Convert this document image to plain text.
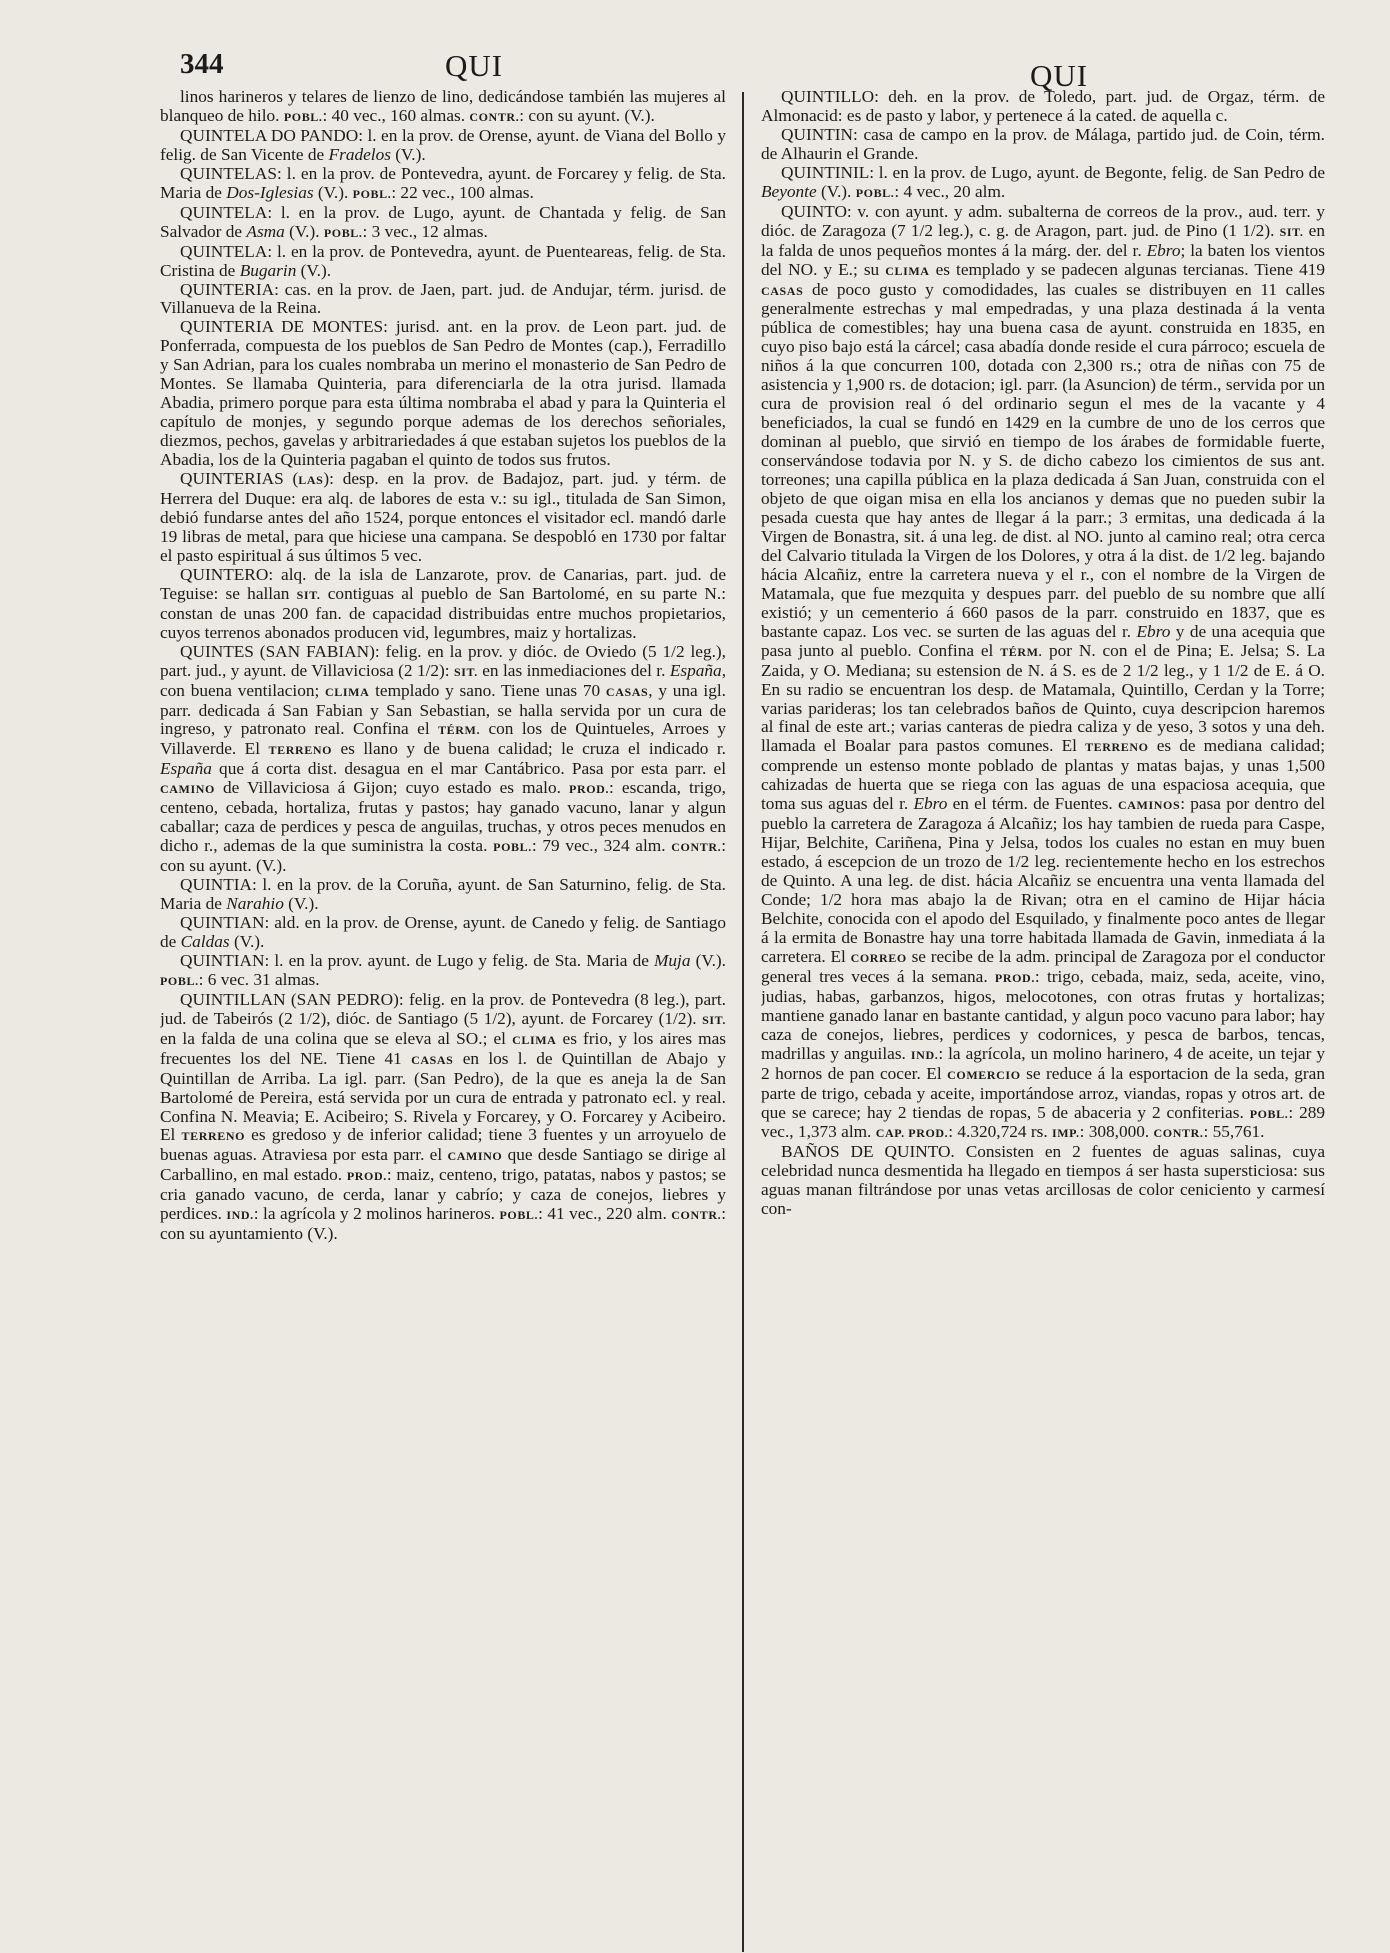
344	QUI	QUI

linos harineros y telares de lienzo de lino, dedicándose también las mujeres al blanqueo de hilo. POBL.: 40 vec., 160 almas. CONTR.: con su ayunt. (V.).

QUINTELA DO PANDO: l. en la prov. de Orense, ayunt. de Viana del Bollo y felig. de San Vicente de Fradelos (V.).

QUINTELAS: l. en la prov. de Pontevedra, ayunt. de Forcarey y felig. de Sta. Maria de Dos-Iglesias (V.). POBL.: 22 vec., 100 almas.

QUINTELA: l. en la prov. de Lugo, ayunt. de Chantada y felig. de San Salvador de Asma (V.). POBL.: 3 vec., 12 almas.

QUINTELA: l. en la prov. de Pontevedra, ayunt. de Puenteareas, felig. de Sta. Cristina de Bugarin (V.).

QUINTERIA: cas. en la prov. de Jaen, part. jud. de Andujar, térm. jurisd. de Villanueva de la Reina.

QUINTERIA DE MONTES: jurisd. ant. en la prov. de Leon part. jud. de Ponferrada, compuesta de los pueblos de San Pedro de Montes (cap.), Ferradillo y San Adrian, para los cuales nombraba un merino el monasterio de San Pedro de Montes. Se llamaba Quinteria, para diferenciarla de la otra jurisd. llamada Abadia, primero porque para esta última nombraba el abad y para la Quinteria el capítulo de monjes, y segundo porque ademas de los derechos señoriales, diezmos, pechos, gavelas y arbitrariedades á que estaban sujetos los pueblos de la Abadia, los de la Quinteria pagaban el quinto de todos sus frutos.

QUINTERIAS (LAS): desp. en la prov. de Badajoz, part. jud. y térm. de Herrera del Duque: era alq. de labores de esta v.: su igl., titulada de San Simon, debió fundarse antes del año 1524, porque entonces el visitador ecl. mandó darle 19 libras de metal, para que hiciese una campana. Se despobló en 1730 por faltar el pasto espiritual á sus últimos 5 vec.

QUINTERO: alq. de la isla de Lanzarote, prov. de Canarias, part. jud. de Teguise: se hallan SIT. contiguas al pueblo de San Bartolomé, en su parte N.: constan de unas 200 fan. de capacidad distribuidas entre muchos propietarios, cuyos terrenos abonados producen vid, legumbres, maiz y hortalizas.

QUINTES (SAN FABIAN): felig. en la prov. y dióc. de Oviedo (5 1/2 leg.), part. jud., y ayunt. de Villaviciosa (2 1/2): SIT. en las inmediaciones del r. España, con buena ventilacion; CLIMA templado y sano. Tiene unas 70 CASAS, y una igl. parr. dedicada á San Fabian y San Sebastian, se halla servida por un cura de ingreso, y patronato real. Confina el TÉRM. con los de Quintueles, Arroes y Villaverde. El TERRENO es llano y de buena calidad; le cruza el indicado r. España que á corta dist. desagua en el mar Cantábrico. Pasa por esta parr. el CAMINO de Villaviciosa á Gijon; cuyo estado es malo. PROD.: escanda, trigo, centeno, cebada, hortaliza, frutas y pastos; hay ganado vacuno, lanar y algun caballar; caza de perdices y pesca de anguilas, truchas, y otros peces menudos en dicho r., ademas de la que suministra la costa. POBL.: 79 vec., 324 alm. CONTR.: con su ayunt. (V.).

QUINTIA: l. en la prov. de la Coruña, ayunt. de San Saturnino, felig. de Sta. Maria de Narahio (V.).

QUINTIAN: ald. en la prov. de Orense, ayunt. de Canedo y felig. de Santiago de Caldas (V.).

QUINTIAN: l. en la prov. ayunt. de Lugo y felig. de Sta. Maria de Muja (V.). POBL.: 6 vec. 31 almas.

QUINTILLAN (SAN PEDRO): felig. en la prov. de Pontevedra (8 leg.), part. jud. de Tabeirós (2 1/2), dióc. de Santiago (5 1/2), ayunt. de Forcarey (1/2). SIT. en la falda de una colina que se eleva al SO.; el CLIMA es frio, y los aires mas frecuentes los del NE. Tiene 41 CASAS en los l. de Quintillan de Abajo y Quintillan de Arriba. La igl. parr. (San Pedro), de la que es aneja la de San Bartolomé de Pereira, está servida por un cura de entrada y patronato ecl. y real. Confina N. Meavia; E. Acibeiro; S. Rivela y Forcarey, y O. Forcarey y Acibeiro. El TERRENO es gredoso y de inferior calidad; tiene 3 fuentes y un arroyuelo de buenas aguas. Atraviesa por esta parr. el CAMINO que desde Santiago se dirige al Carballino, en mal estado. PROD.: maiz, centeno, trigo, patatas, nabos y pastos; se cria ganado vacuno, de cerda, lanar y cabrío; y caza de conejos, liebres y perdices. IND.: la agrícola y 2 molinos harineros. POBL.: 41 vec., 220 alm. CONTR.: con su ayuntamiento (V.).

QUINTILLO: deh. en la prov. de Toledo, part. jud. de Orgaz, térm. de Almonacid: es de pasto y labor, y pertenece á la cated. de aquella c.

QUINTIN: casa de campo en la prov. de Málaga, partido jud. de Coin, térm. de Alhaurin el Grande.

QUINTINIL: l. en la prov. de Lugo, ayunt. de Begonte, felig. de San Pedro de Beyonte (V.). POBL.: 4 vec., 20 alm.

QUINTO: v. con ayunt. y adm. subalterna de correos de la prov., aud. terr. y dióc. de Zaragoza (7 1/2 leg.), c. g. de Aragon, part. jud. de Pino (1 1/2). SIT. en la falda de unos pequeños montes á la márg. der. del r. Ebro; la baten los vientos del NO. y E.; su CLIMA es templado y se padecen algunas tercianas. Tiene 419 CASAS de poco gusto y comodidades, las cuales se distribuyen en 11 calles generalmente estrechas y mal empedradas, y una plaza destinada á la venta pública de comestibles; hay una buena casa de ayunt. construida en 1835, en cuyo piso bajo está la cárcel; casa abadía donde reside el cura párroco; escuela de niños á la que concurren 100, dotada con 2,300 rs.; otra de niñas con 75 de asistencia y 1,900 rs. de dotacion; igl. parr. (la Asuncion) de térm., servida por un cura de provision real ó del ordinario segun el mes de la vacante y 4 beneficiados, la cual se fundó en 1429 en la cumbre de uno de los cerros que dominan al pueblo, que sirvió en tiempo de los árabes de formidable fuerte, conservándose todavia por N. y S. de dicho cabezo los cimientos de sus ant. torreones; una capilla pública en la plaza dedicada á San Juan, construida con el objeto de que oigan misa en ella los ancianos y demas que no pueden subir la pesada cuesta que hay antes de llegar á la parr.; 3 ermitas, una dedicada á la Virgen de Bonastra, sit. á una leg. de dist. al NO. junto al camino real; otra cerca del Calvario titulada la Virgen de los Dolores, y otra á la dist. de 1/2 leg. bajando hácia Alcañiz, entre la carretera nueva y el r., con el nombre de la Virgen de Matamala, que fue mezquita y despues parr. del pueblo de su nombre que allí existió; y un cementerio á 660 pasos de la parr. construido en 1837, que es bastante capaz. Los vec. se surten de las aguas del r. Ebro y de una acequia que pasa junto al pueblo. Confina el TÉRM. por N. con el de Pina; E. Jelsa; S. La Zaida, y O. Mediana; su estension de N. á S. es de 2 1/2 leg., y 1 1/2 de E. á O. En su radio se encuentran los desp. de Matamala, Quintillo, Cerdan y la Torre; varias parideras; los tan celebrados baños de Quinto, cuya descripcion haremos al final de este art.; varias canteras de piedra caliza y de yeso, 3 sotos y una deh. llamada el Boalar para pastos comunes. El TERRENO es de mediana calidad; comprende un estenso monte poblado de plantas y matas bajas, y unas 1,500 cahizadas de huerta que se riega con las aguas de una espaciosa acequia, que toma sus aguas del r. Ebro en el térm. de Fuentes. CAMINOS: pasa por dentro del pueblo la carretera de Zaragoza á Alcañiz; los hay tambien de rueda para Caspe, Hijar, Belchite, Cariñena, Pina y Jelsa, todos los cuales no estan en muy buen estado, á escepcion de un trozo de 1/2 leg. recientemente hecho en los estrechos de Quinto. A una leg. de dist. hácia Alcañiz se encuentra una venta llamada del Conde; 1/2 hora mas abajo la de Rivan; otra en el camino de Hijar hácia Belchite, conocida con el apodo del Esquilado, y finalmente poco antes de llegar á la ermita de Bonastre hay una torre habitada llamada de Gavin, inmediata á la carretera. El CORREO se recibe de la adm. principal de Zaragoza por el conductor general tres veces á la semana. PROD.: trigo, cebada, maiz, seda, aceite, vino, judias, habas, garbanzos, higos, melocotones, con otras frutas y hortalizas; mantiene ganado lanar en bastante cantidad, y algun poco vacuno para labor; hay caza de conejos, liebres, perdices y codornices, y pesca de barbos, tencas, madrillas y anguilas. IND.: la agrícola, un molino harinero, 4 de aceite, un tejar y 2 hornos de pan cocer. El COMERCIO se reduce á la esportacion de la seda, gran parte de trigo, cebada y aceite, importándose arroz, viandas, ropas y otros art. de que se carece; hay 2 tiendas de ropas, 5 de abaceria y 2 confiterias. POBL.: 289 vec., 1,373 alm. CAP. PROD.: 4.320,724 rs. IMP.: 308,000. CONTR.: 55,761.

BAÑOS DE QUINTO. Consisten en 2 fuentes de aguas salinas, cuya celebridad nunca desmentida ha llegado en tiempos á ser hasta supersticiosa: sus aguas manan filtrándose por unas vetas arcillosas de color ceniciento y carmesí con-
